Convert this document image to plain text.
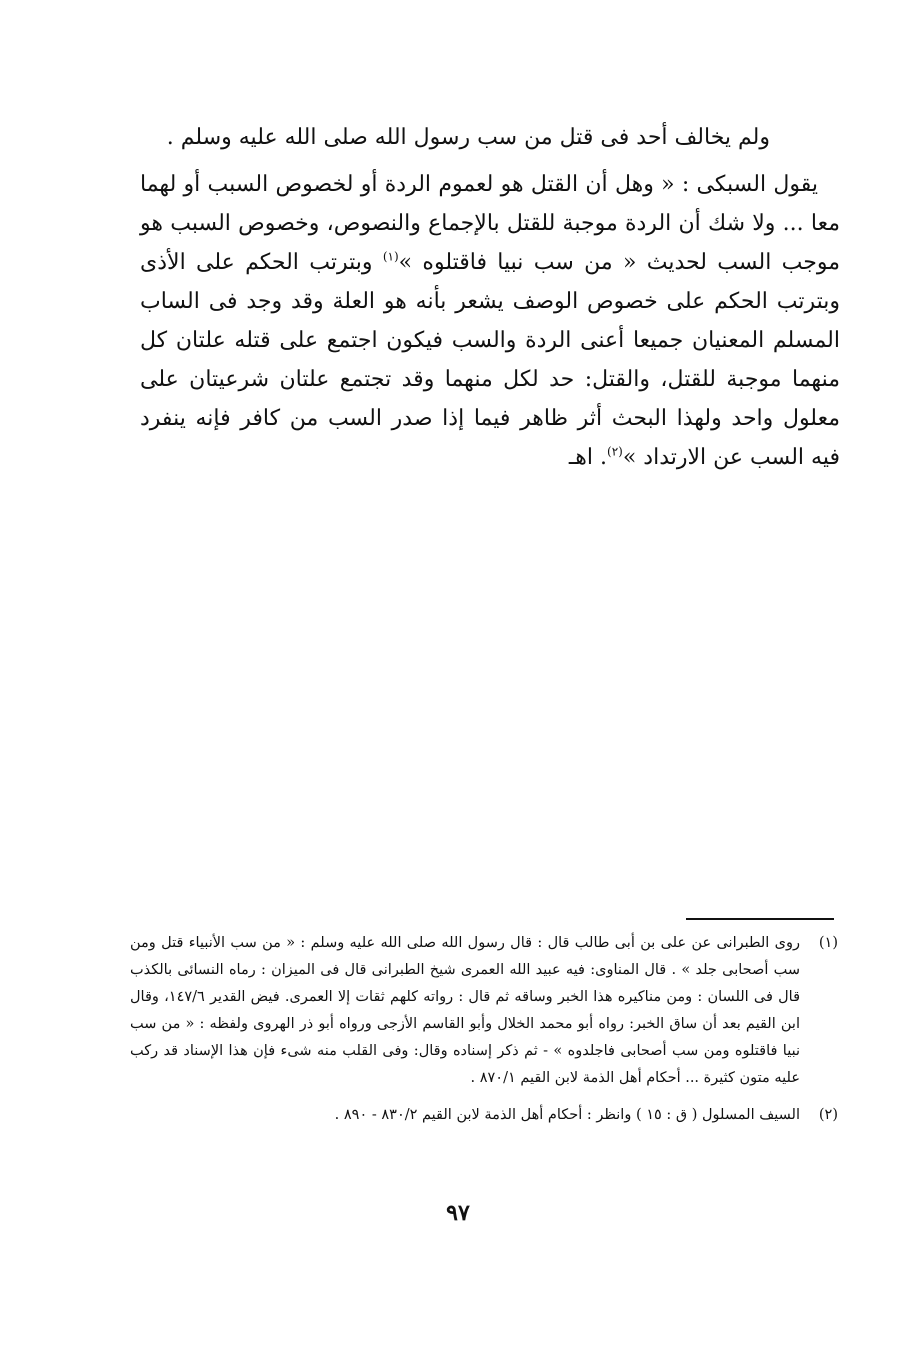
ولم يخالف أحد فى قتل من سب رسول الله صلى الله عليه وسلم .

يقول السبكى : « وهل أن القتل هو لعموم الردة أو لخصوص السبب أو لهما معا ... ولا شك أن الردة موجبة للقتل بالإجماع والنصوص، وخصوص السبب هو موجب السب لحديث « من سب نبيا فاقتلوه »$^{(١)}$ وبترتب الحكم على الأذى وبترتب الحكم على خصوص الوصف يشعر بأنه هو العلة وقد وجد فى الساب المسلم المعنيان جميعا أعنى الردة والسب فيكون اجتمع على قتله علتان كل منهما موجبة للقتل، والقتل: حد لكل منهما وقد تجتمع علتان شرعيتان على معلول واحد ولهذا البحث أثر ظاهر فيما إذا صدر السب من كافر فإنه ينفرد فيه السب عن الارتداد »$^{(٢)}$. اهـ

(١)
روى الطبرانى عن على بن أبى طالب قال : قال رسول الله صلى الله عليه وسلم : « من سب الأنبياء قتل ومن سب أصحابى جلد » . قال المناوى: فيه عبيد الله العمرى شيخ الطبرانى قال فى الميزان : رماه النسائى بالكذب قال فى اللسان : ومن مناكيره هذا الخبر وساقه ثم قال : رواته كلهم ثقات إلا العمرى. فيض القدير ١٤٧/٦، وقال ابن القيم بعد أن ساق الخبر: رواه أبو محمد الخلال وأبو القاسم الأزجى ورواه أبو ذر الهروى ولفظه : « من سب نبيا فاقتلوه ومن سب أصحابى فاجلدوه » - ثم ذكر إسناده وقال: وفى القلب منه شىء فإن هذا الإسناد قد ركب عليه متون كثيرة ... أحكام أهل الذمة لابن القيم ٨٧٠/١ .
(٢)
السيف المسلول ( ق : ١٥ ) وانظر : أحكام أهل الذمة لابن القيم ٨٣٠/٢ - ٨٩٠ .
٩٧
